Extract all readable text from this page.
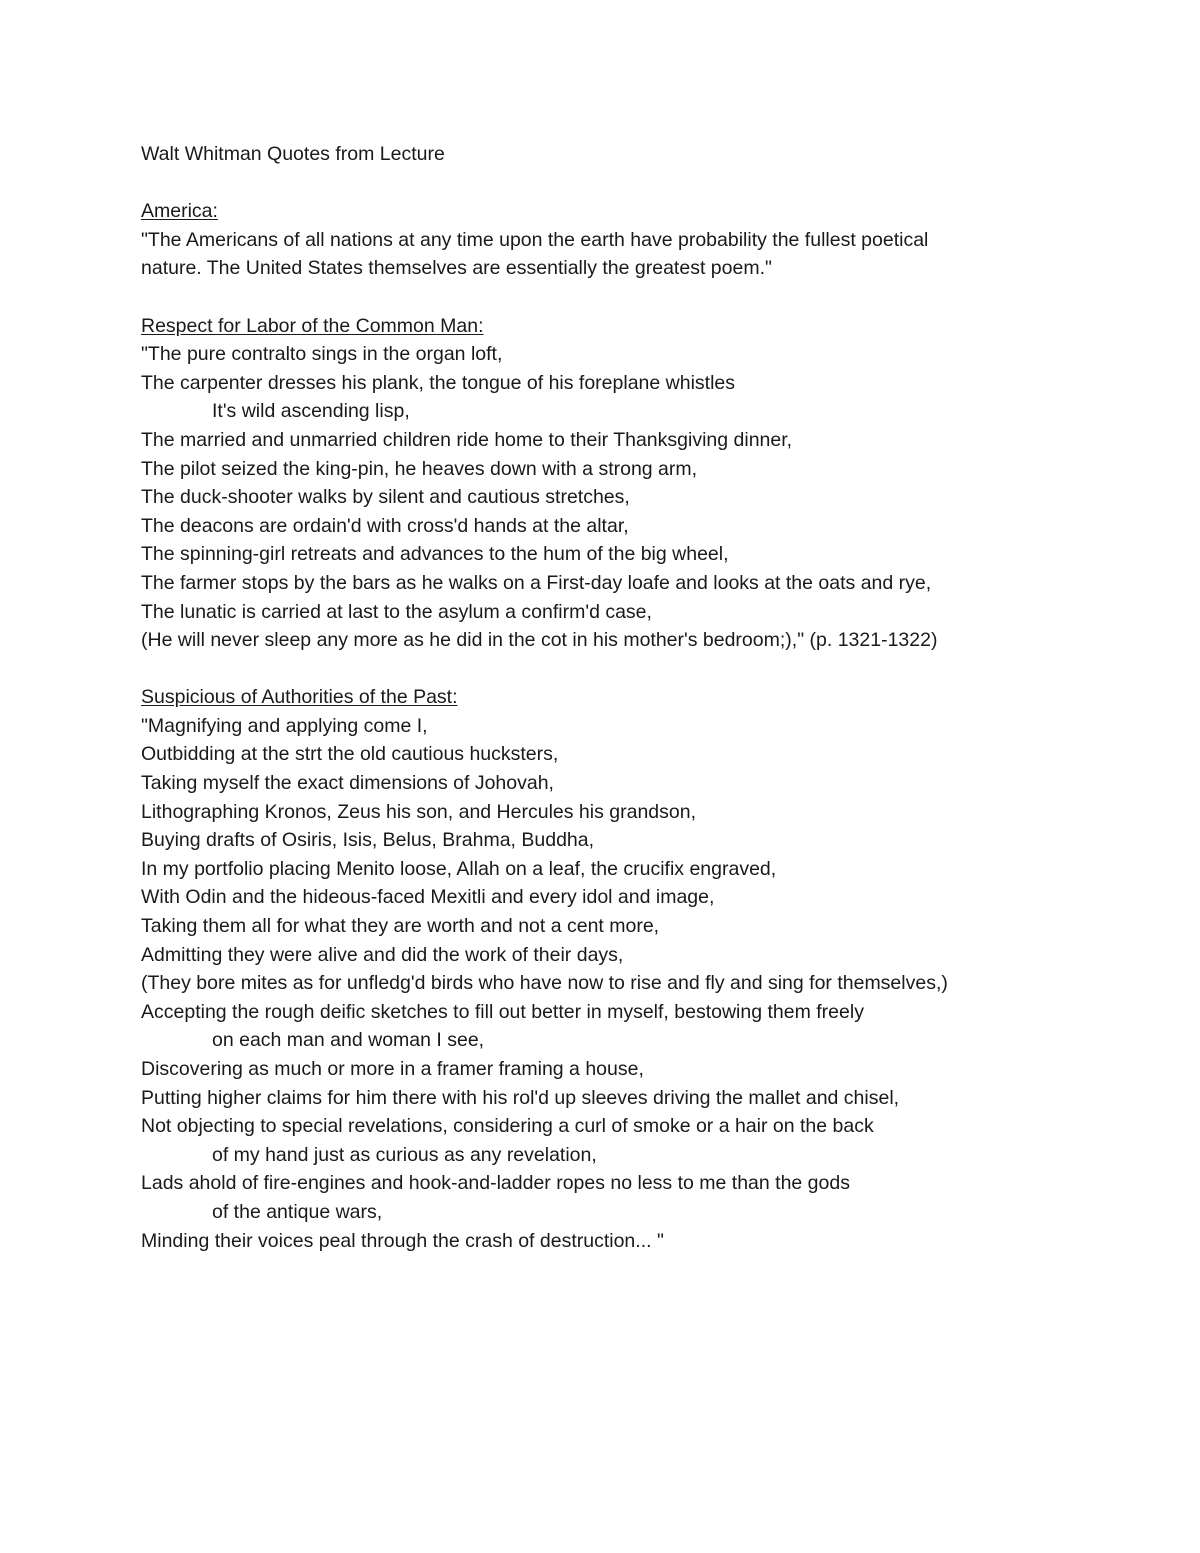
Walt Whitman Quotes from Lecture
America:
"The Americans of all nations at any time upon the earth have probability the fullest poetical
nature. The United States themselves are essentially the greatest poem."
Respect for Labor of the Common Man:
"The pure contralto sings in the organ loft,
The carpenter dresses his plank, the tongue of his foreplane whistles
It's wild ascending lisp,
The married and unmarried children ride home to their Thanksgiving dinner,
The pilot seized the king-pin, he heaves down with a strong arm,
The duck-shooter walks by silent and cautious stretches,
The deacons are ordain'd with cross'd hands at the altar,
The spinning-girl retreats and advances to the hum of the big wheel,
The farmer stops by the bars as he walks on a First-day loafe and looks at the oats and rye,
The lunatic is carried at last to the asylum a confirm'd case,
(He will never sleep any more as he did in the cot in his mother's bedroom;)," (p. 1321-1322)
Suspicious of Authorities of the Past:
"Magnifying and applying come I,
Outbidding at the strt the old cautious hucksters,
Taking myself the exact dimensions of Johovah,
Lithographing Kronos, Zeus his son, and Hercules his grandson,
Buying drafts of Osiris, Isis, Belus, Brahma, Buddha,
In my portfolio placing Menito loose, Allah on a leaf, the crucifix engraved,
With Odin and the hideous-faced Mexitli and every idol and image,
Taking them all for what they are worth and not a cent more,
Admitting they were alive and did the work of their days,
(They bore mites as for unfledg'd birds who have now to rise and fly and sing for themselves,)
Accepting the rough deific sketches to fill out better in myself, bestowing them freely
on each man and woman I see,
Discovering as much or more in a framer framing a house,
Putting higher claims for him there with his rol'd up sleeves driving the mallet and chisel,
Not objecting to special revelations, considering a curl of smoke or a hair on the back
of my hand just as curious as any revelation,
Lads ahold of fire-engines and hook-and-ladder ropes no less to me than the gods
of the antique wars,
Minding their voices peal through the crash of destruction... "
